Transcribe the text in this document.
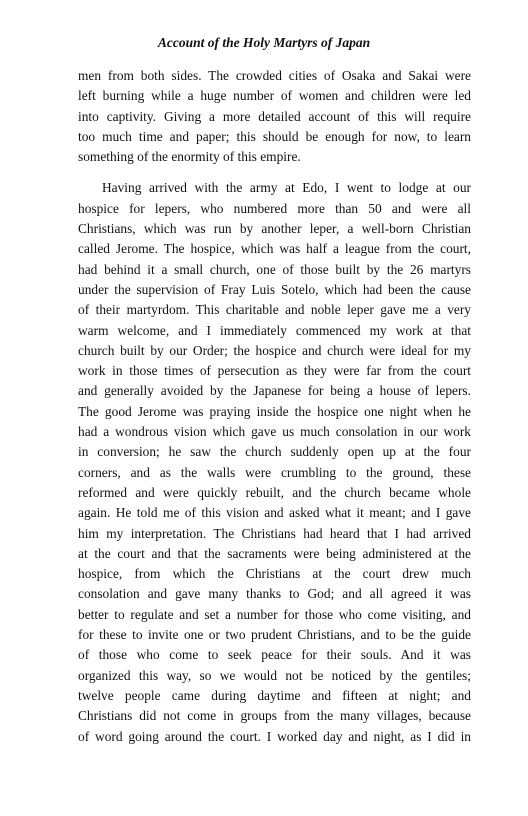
Account of the Holy Martyrs of Japan
men from both sides. The crowded cities of Osaka and Sakai were
left burning while a huge number of women and children were led
into captivity. Giving a more detailed account of this will require
too much time and paper; this should be enough for now, to learn
something of the enormity of this empire.
Having arrived with the army at Edo, I went to lodge at our
hospice for lepers, who numbered more than 50 and were all
Christians, which was run by another leper, a well-born Christian
called Jerome. The hospice, which was half a league from the court,
had behind it a small church, one of those built by the 26 martyrs
under the supervision of Fray Luis Sotelo, which had been the cause
of their martyrdom. This charitable and noble leper gave me a very
warm welcome, and I immediately commenced my work at that
church built by our Order; the hospice and church were ideal for my
work in those times of persecution as they were far from the court
and generally avoided by the Japanese for being a house of lepers.
The good Jerome was praying inside the hospice one night when he
had a wondrous vision which gave us much consolation in our work
in conversion; he saw the church suddenly open up at the four
corners, and as the walls were crumbling to the ground, these
reformed and were quickly rebuilt, and the church became whole
again. He told me of this vision and asked what it meant; and I gave
him my interpretation. The Christians had heard that I had arrived
at the court and that the sacraments were being administered at the
hospice, from which the Christians at the court drew much
consolation and gave many thanks to God; and all agreed it was
better to regulate and set a number for those who come visiting, and
for these to invite one or two prudent Christians, and to be the guide
of those who come to seek peace for their souls. And it was
organized this way, so we would not be noticed by the gentiles;
twelve people came during daytime and fifteen at night; and
Christians did not come in groups from the many villages, because
of word going around the court. I worked day and night, as I did in
